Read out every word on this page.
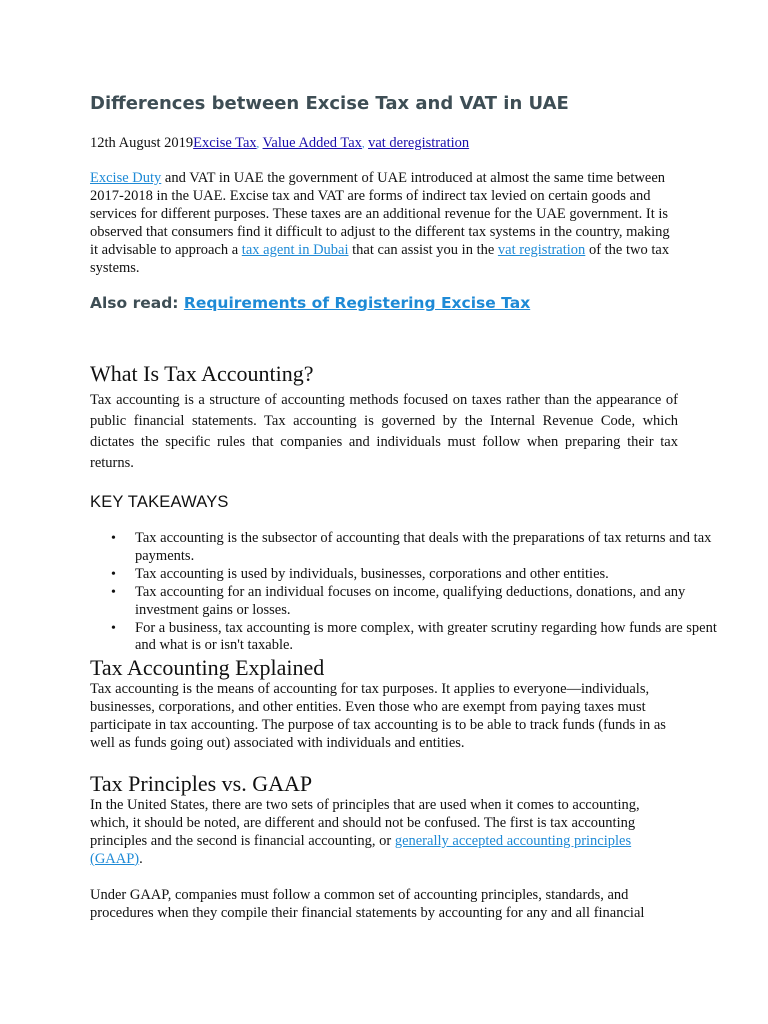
Differences between Excise Tax and VAT in UAE
12th August 2019Excise Tax, Value Added Tax, vat deregistration

Excise Duty and VAT in UAE the government of UAE introduced at almost the same time between 2017-2018 in the UAE. Excise tax and VAT are forms of indirect tax levied on certain goods and services for different purposes. These taxes are an additional revenue for the UAE government. It is observed that consumers find it difficult to adjust to the different tax systems in the country, making it advisable to approach a tax agent in Dubai that can assist you in the vat registration of the two tax systems.

Also read: Requirements of Registering Excise Tax
What Is Tax Accounting?

Tax accounting is a structure of accounting methods focused on taxes rather than the appearance of public financial statements. Tax accounting is governed by the Internal Revenue Code, which dictates the specific rules that companies and individuals must follow when preparing their tax returns.

KEY TAKEAWAYS
• Tax accounting is the subsector of accounting that deals with the preparations of tax returns and tax payments.
• Tax accounting is used by individuals, businesses, corporations and other entities.
• Tax accounting for an individual focuses on income, qualifying deductions, donations, and any investment gains or losses.
• For a business, tax accounting is more complex, with greater scrutiny regarding how funds are spent and what is or isn't taxable.
Tax Accounting Explained

Tax accounting is the means of accounting for tax purposes. It applies to everyone—individuals, businesses, corporations, and other entities. Even those who are exempt from paying taxes must participate in tax accounting. The purpose of tax accounting is to be able to track funds (funds in as well as funds going out) associated with individuals and entities.

Tax Principles vs. GAAP

In the United States, there are two sets of principles that are used when it comes to accounting, which, it should be noted, are different and should not be confused. The first is tax accounting principles and the second is financial accounting, or generally accepted accounting principles (GAAP).

Under GAAP, companies must follow a common set of accounting principles, standards, and procedures when they compile their financial statements by accounting for any and all financial
